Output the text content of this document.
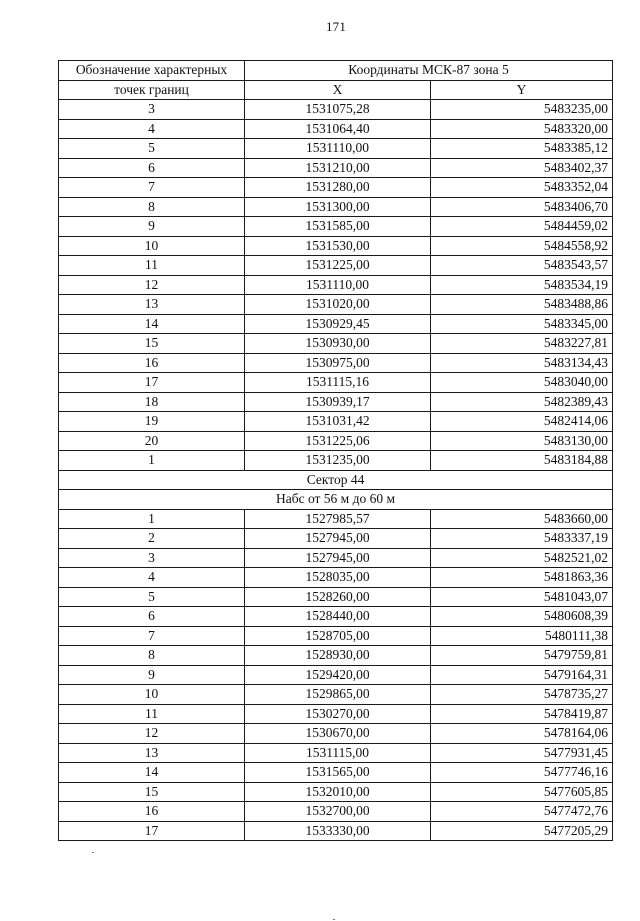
171
Обозначение характерных	Координаты МСК-87 зона 5	
точек границ	X	Y
3	1531075,28	5483235,00
4	1531064,40	5483320,00
5	1531110,00	5483385,12
6	1531210,00	5483402,37
7	1531280,00	5483352,04
8	1531300,00	5483406,70
9	1531585,00	5484459,02
10	1531530,00	5484558,92
11	1531225,00	5483543,57
12	1531110,00	5483534,19
13	1531020,00	5483488,86
14	1530929,45	5483345,00
15	1530930,00	5483227,81
16	1530975,00	5483134,43
17	1531115,16	5483040,00
18	1530939,17	5482389,43
19	1531031,42	5482414,06
20	1531225,06	5483130,00
1	1531235,00	5483184,88
Сектор 44		
Набс от 56 м до 60 м		
1	1527985,57	5483660,00
2	1527945,00	5483337,19
3	1527945,00	5482521,02
4	1528035,00	5481863,36
5	1528260,00	5481043,07
6	1528440,00	5480608,39
7	1528705,00	5480111,38
8	1528930,00	5479759,81
9	1529420,00	5479164,31
10	1529865,00	5478735,27
11	1530270,00	5478419,87
12	1530670,00	5478164,06
13	1531115,00	5477931,45
14	1531565,00	5477746,16
15	1532010,00	5477605,85
16	1532700,00	5477472,76
17	1533330,00	5477205,29
